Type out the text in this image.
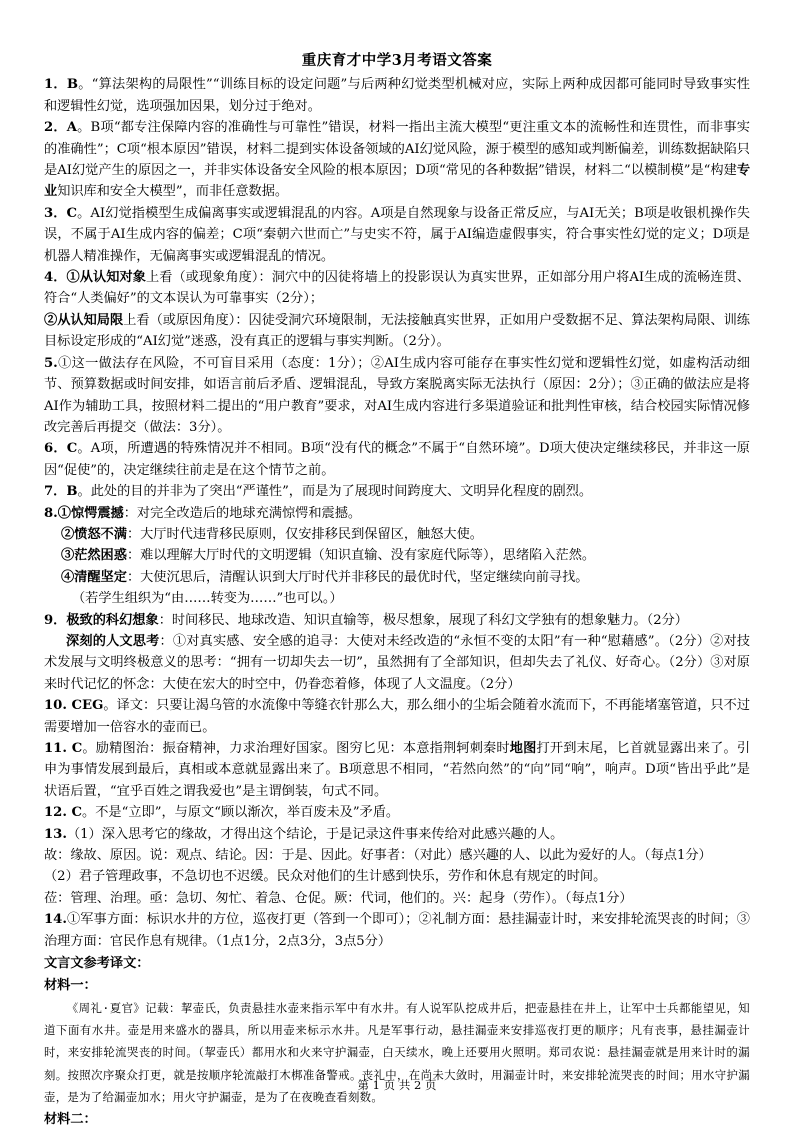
重庆育才中学3月考语文答案

1．B。“算法架构的局限性”“训练目标的设定问题”与后两种幻觉类型机械对应，实际上两种成因都可能同时导致事实性和逻辑性幻觉，选项强加因果，划分过于绝对。

2．A。B项“都专注保障内容的准确性与可靠性”错误，材料一指出主流大模型“更注重文本的流畅性和连贯性，而非事实的准确性”；C项“根本原因”错误，材料二提到实体设备领域的AI幻觉风险，源于模型的感知或判断偏差，训练数据缺陷只是AI幻觉产生的原因之一，并非实体设备安全风险的根本原因；D项“常见的各种数据”错误，材料二“以模制模”是“构建专业知识库和安全大模型”，而非任意数据。

3．C。AI幻觉指模型生成偏离事实或逻辑混乱的内容。A项是自然现象与设备正常反应，与AI无关；B项是收银机操作失误，不属于AI生成内容的偏差；C项“秦朝六世而亡”与史实不符，属于AI编造虚假事实，符合事实性幻觉的定义；D项是机器人精准操作，无偏离事实或逻辑混乱的情况。

4．①从认知对象上看（或现象角度）：洞穴中的囚徒将墙上的投影误认为真实世界，正如部分用户将AI生成的流畅连贯、符合“人类偏好”的文本误认为可靠事实（2分）；

②从认知局限上看（或原因角度）：囚徒受洞穴环境限制，无法接触真实世界，正如用户受数据不足、算法架构局限、训练目标设定形成的“AI幻觉”迷惑，没有真正的逻辑与事实判断。（2分）。

5.①这一做法存在风险，不可盲目采用（态度：1分）；②AI生成内容可能存在事实性幻觉和逻辑性幻觉，如虚构活动细节、预算数据或时间安排，如语言前后矛盾、逻辑混乱，导致方案脱离实际无法执行（原因：2分）；③正确的做法应是将AI作为辅助工具，按照材料二提出的“用户教育”要求，对AI生成内容进行多渠道验证和批判性审核，结合校园实际情况修改完善后再提交（做法：3分）。

6．C。A项，所遭遇的特殊情况并不相同。B项“没有代的概念”不属于“自然环境”。D项大使决定继续移民，并非这一原因“促使”的，决定继续往前走是在这个情节之前。

7．B。此处的目的并非为了突出“严谨性”，而是为了展现时间跨度大、文明异化程度的剧烈。

8.①惊愕震撼：对完全改造后的地球充满惊愕和震撼。

②愤怒不满：大厅时代违背移民原则，仅安排移民到保留区，触怒大使。

③茫然困惑：难以理解大厅时代的文明逻辑（知识直输、没有家庭代际等），思绪陷入茫然。

④清醒坚定：大使沉思后，清醒认识到大厅时代并非移民的最优时代，坚定继续向前寻找。

（若学生组织为“由……转变为……”也可以。）

9．极致的科幻想象：时间移民、地球改造、知识直输等，极尽想象，展现了科幻文学独有的想象魅力。（2分）

深刻的人文思考：①对真实感、安全感的追寻：大使对未经改造的“永恒不变的太阳”有一种“慰藉感”。（2分）②对技术发展与文明终极意义的思考：“拥有一切却失去一切”，虽然拥有了全部知识，但却失去了礼仪、好奇心。（2分）③对原来时代记忆的怀念：大使在宏大的时空中，仍眷恋着修，体现了人文温度。（2分）

10. CEG。译文：只要让渴乌管的水流像中等缝衣针那么大，那么细小的尘垢会随着水流而下，不再能堵塞管道，只不过需要增加一倍容水的壶而已。

11. C。励精图治：振奋精神，力求治理好国家。图穷匕见：本意指荆轲刺秦时地图打开到末尾，匕首就显露出来了。引申为事情发展到最后，真相或本意就显露出来了。B项意思不相同，“若然向然”的“向”同“响”，响声。D项“皆出乎此”是状语后置，“宜乎百姓之谓我爱也”是主谓倒装，句式不同。

12. C。不是“立即”，与原文“顾以渐次，举百废未及”矛盾。

13.（1）深入思考它的缘故，才得出这个结论，于是记录这件事来传给对此感兴趣的人。

故：缘故、原因。说：观点、结论。因：于是、因此。好事者：（对此）感兴趣的人、以此为爱好的人。（每点1分）

（2）君子管理政事，不急切也不迟缓。民众对他们的生计感到快乐，劳作和休息有规定的时间。

莅：管理、治理。亟：急切、匆忙、着急、仓促。厥：代词，他们的。兴：起身（劳作）。（每点1分）

14.①军事方面：标识水井的方位，巡夜打更（答到一个即可）；②礼制方面：悬挂漏壶计时，来安排轮流哭丧的时间；③治理方面：官民作息有规律。（1点1分，2点3分，3点5分）

文言文参考译文：

材料一：

《周礼·夏官》记载：挈壶氏，负责悬挂水壶来指示军中有水井。有人说军队挖成井后，把壶悬挂在井上，让军中士兵都能望见，知道下面有水井。壶是用来盛水的器具，所以用壶来标示水井。凡是军事行动，悬挂漏壶来安排巡夜打更的顺序；凡有丧事，悬挂漏壶计时，来安排轮流哭丧的时间。（挈壶氏）都用水和火来守护漏壶，白天续水，晚上还要用火照明。郑司农说：悬挂漏壶就是用来计时的漏刻。按照次序聚众打更，就是按顺序轮流敲打木梆准备警戒。丧礼中，在尚未大敛时，用漏壶计时，来安排轮流哭丧的时间；用水守护漏壶，是为了给漏壶加水；用火守护漏壶，是为了在夜晚查看刻数。

材料二：

第 1 页 共 2 页
